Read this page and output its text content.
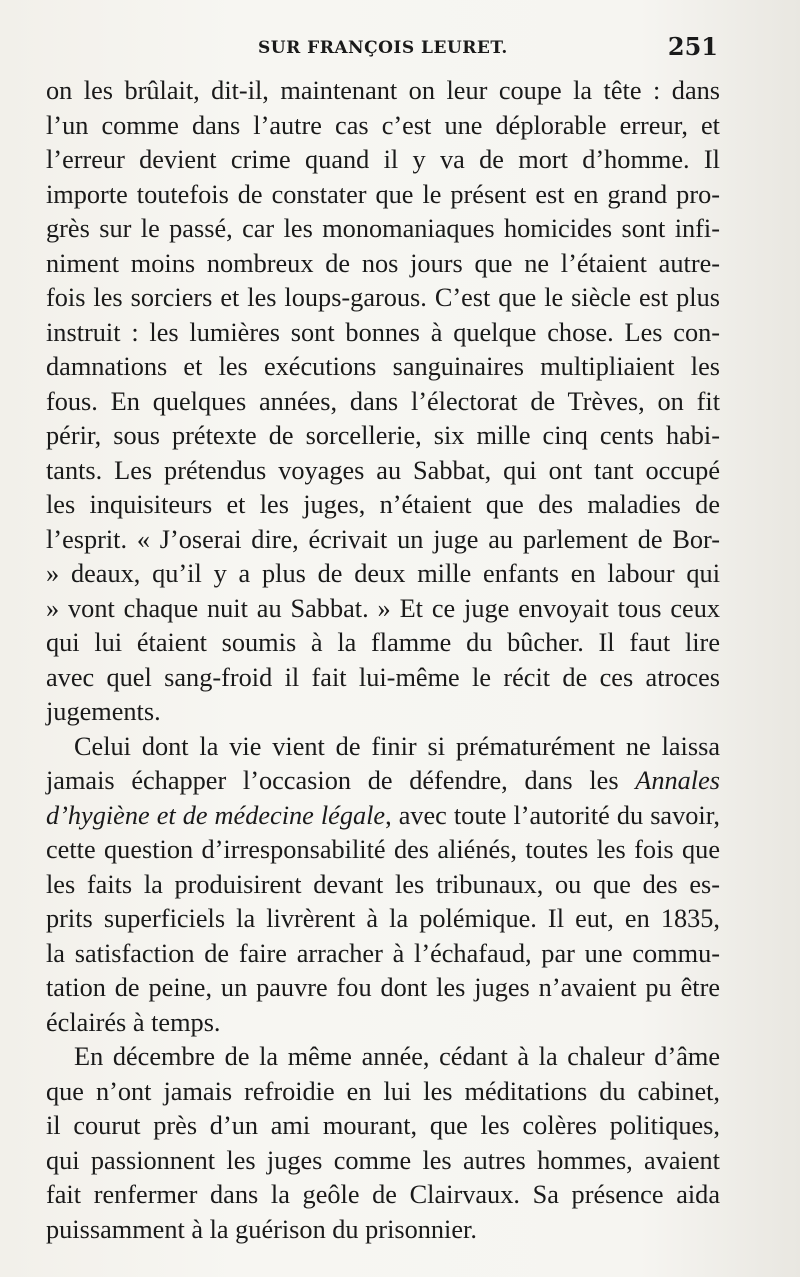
SUR FRANÇOIS LEURET.	251
on les brûlait, dit-il, maintenant on leur coupe la tête : dans
l’un comme dans l’autre cas c’est une déplorable erreur, et
l’erreur devient crime quand il y va de mort d’homme. Il
importe toutefois de constater que le présent est en grand pro-
grès sur le passé, car les monomaniaques homicides sont infi-
niment moins nombreux de nos jours que ne l’étaient autre-
fois les sorciers et les loups-garous. C’est que le siècle est plus
instruit : les lumières sont bonnes à quelque chose. Les con-
damnations et les exécutions sanguinaires multipliaient les
fous. En quelques années, dans l’électorat de Trèves, on fit
périr, sous prétexte de sorcellerie, six mille cinq cents habi-
tants. Les prétendus voyages au Sabbat, qui ont tant occupé
les inquisiteurs et les juges, n’étaient que des maladies de
l’esprit. « J’oserai dire, écrivait un juge au parlement de Bor-
» deaux, qu’il y a plus de deux mille enfants en labour qui
» vont chaque nuit au Sabbat. » Et ce juge envoyait tous ceux
qui lui étaient soumis à la flamme du bûcher. Il faut lire
avec quel sang-froid il fait lui-même le récit de ces atroces
jugements.
Celui dont la vie vient de finir si prématurément ne laissa
jamais échapper l’occasion de défendre, dans les Annales
d’hygiène et de médecine légale, avec toute l’autorité du savoir,
cette question d’irresponsabilité des aliénés, toutes les fois que
les faits la produisirent devant les tribunaux, ou que des es-
prits superficiels la livrèrent à la polémique. Il eut, en 1835,
la satisfaction de faire arracher à l’échafaud, par une commu-
tation de peine, un pauvre fou dont les juges n’avaient pu être
éclairés à temps.
En décembre de la même année, cédant à la chaleur d’âme
que n’ont jamais refroidie en lui les méditations du cabinet,
il courut près d’un ami mourant, que les colères politiques,
qui passionnent les juges comme les autres hommes, avaient
fait renfermer dans la geôle de Clairvaux. Sa présence aida
puissamment à la guérison du prisonnier.
